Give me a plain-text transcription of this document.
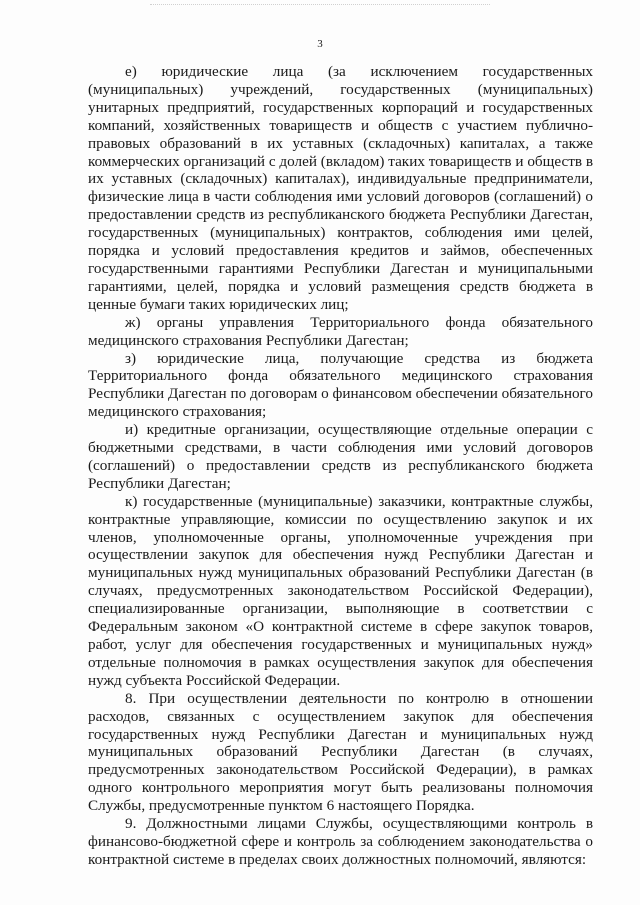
3

е) юридические лица (за исключением государственных (муниципальных) учреждений, государственных (муниципальных) унитарных предприятий, государственных корпораций и государственных компаний, хозяйственных товариществ и обществ с участием публично-правовых образований в их уставных (складочных) капиталах, а также коммерческих организаций с долей (вкладом) таких товариществ и обществ в их уставных (складочных) капиталах), индивидуальные предприниматели, физические лица в части соблюдения ими условий договоров (соглашений) о предоставлении средств из республиканского бюджета Республики Дагестан, государственных (муниципальных) контрактов, соблюдения ими целей, порядка и условий предоставления кредитов и займов, обеспеченных государственными гарантиями Республики Дагестан и муниципальными гарантиями, целей, порядка и условий размещения средств бюджета в ценные бумаги таких юридических лиц;

ж) органы управления Территориального фонда обязательного медицинского страхования Республики Дагестан;

з) юридические лица, получающие средства из бюджета Территориального фонда обязательного медицинского страхования Республики Дагестан по договорам о финансовом обеспечении обязательного медицинского страхования;

и) кредитные организации, осуществляющие отдельные операции с бюджетными средствами, в части соблюдения ими условий договоров (соглашений) о предоставлении средств из республиканского бюджета Республики Дагестан;

к) государственные (муниципальные) заказчики, контрактные службы, контрактные управляющие, комиссии по осуществлению закупок и их членов, уполномоченные органы, уполномоченные учреждения при осуществлении закупок для обеспечения нужд Республики Дагестан и муниципальных нужд муниципальных образований Республики Дагестан (в случаях, предусмотренных законодательством Российской Федерации), специализированные организации, выполняющие в соответствии с Федеральным законом «О контрактной системе в сфере закупок товаров, работ, услуг для обеспечения государственных и муниципальных нужд» отдельные полномочия в рамках осуществления закупок для обеспечения нужд субъекта Российской Федерации.

8. При осуществлении деятельности по контролю в отношении расходов, связанных с осуществлением закупок для обеспечения государственных нужд Республики Дагестан и муниципальных нужд муниципальных образований Республики Дагестан (в случаях, предусмотренных законодательством Российской Федерации), в рамках одного контрольного мероприятия могут быть реализованы полномочия Службы, предусмотренные пунктом 6 настоящего Порядка.

9. Должностными лицами Службы, осуществляющими контроль в финансово-бюджетной сфере и контроль за соблюдением законодательства о контрактной системе в пределах своих должностных полномочий, являются:
